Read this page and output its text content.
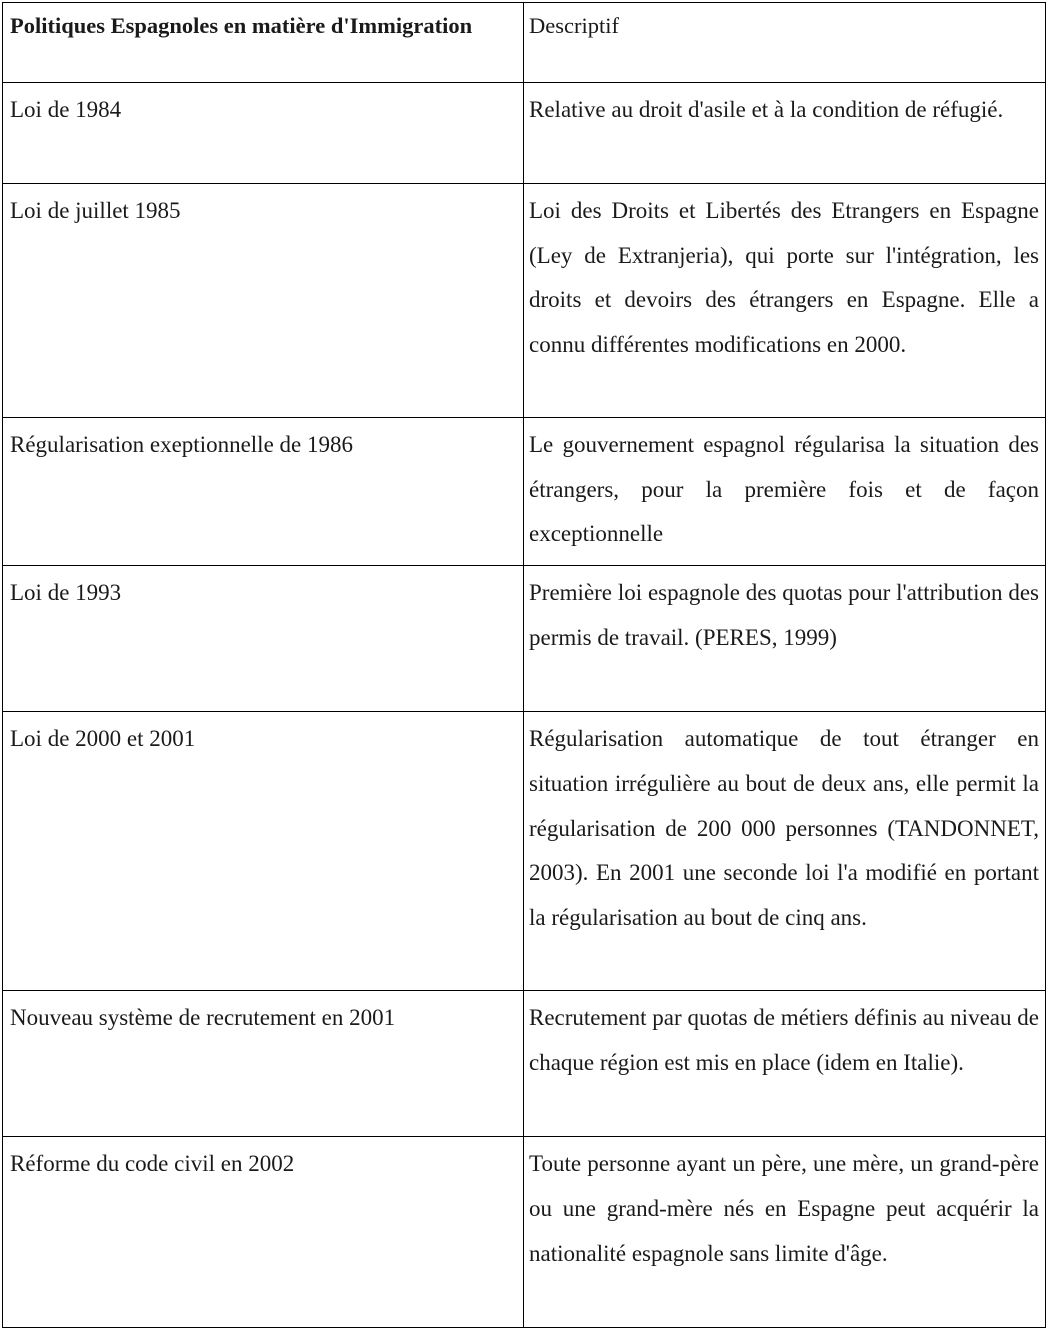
Politiques Espagnoles en matière d'Immigration	Descriptif
Loi de 1984	Relative au droit d'asile et à la condition de réfugié.
Loi de juillet 1985	Loi des Droits et Libertés des Etrangers en Espagne (Ley de Extranjeria), qui porte sur l'intégration, les droits et devoirs des étrangers en Espagne. Elle a connu différentes modifications en 2000.
Régularisation exeptionnelle de 1986	Le gouvernement espagnol régularisa la situation des étrangers, pour la première fois et de façon exceptionnelle
Loi de 1993	Première loi espagnole des quotas pour l'attribution des permis de travail. (PERES, 1999)
Loi de 2000 et 2001	Régularisation automatique de tout étranger en situation irrégulière au bout de deux ans, elle permit la régularisation de 200 000 personnes (TANDONNET, 2003). En 2001 une seconde loi l'a modifié en portant la régularisation au bout de cinq ans.
Nouveau système de recrutement en 2001	Recrutement par quotas de métiers définis au niveau de chaque région est mis en place (idem en Italie).
Réforme du code civil en 2002	Toute personne ayant un père, une mère, un grand-père ou une grand-mère nés en Espagne peut acquérir la nationalité espagnole sans limite d'âge.
